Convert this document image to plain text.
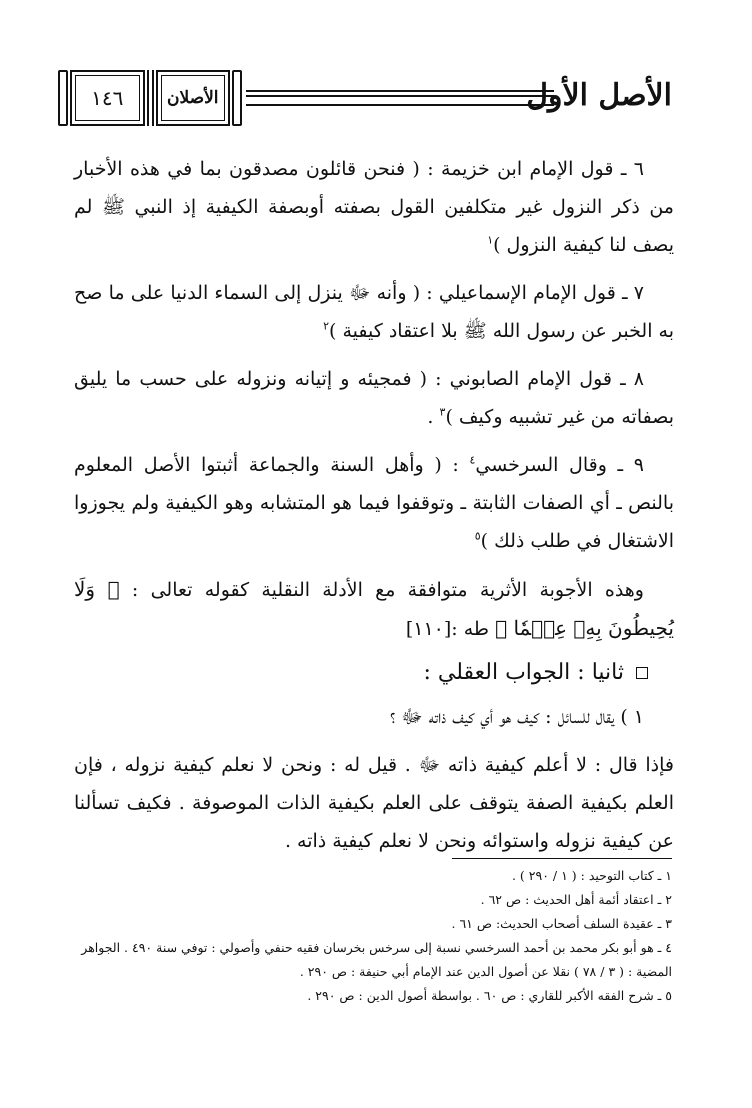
الأصل الأول
١٤٦	الأصلان

٦ ـ قول الإمام ابن خزيمة : ( فنحن قائلون مصدقون بما في هذه الأخبار من ذكر النزول غير متكلفين القول بصفته أوبصفة الكيفية إذ النبي ﷺ لم يصف لنا كيفية النزول )$^١$

٧ ـ قول الإمام الإسماعيلي : ( وأنه ﷻ ينزل إلى السماء الدنيا على ما صح به الخبر عن رسول الله ﷺ بلا اعتقاد كيفية )$^٢$

٨ ـ قول الإمام الصابوني : ( فمجيئه و إتيانه ونزوله على حسب ما يليق بصفاته من غير تشبيه وكيف )$^٣$ .

٩ ـ وقال السرخسي$^٤$ : ( وأهل السنة والجماعة أثبتوا الأصل المعلوم بالنص ـ أي الصفات الثابتة ـ وتوقفوا فيما هو المتشابه وهو الكيفية ولم يجوزوا الاشتغال في طلب ذلك )$^٥$

وهذه الأجوبة الأثرية متوافقة مع الأدلة النقلية كقوله تعالى : ﴿ وَلَا يُحِيطُونَ بِهِۦ عِلۡمٗا ﴾ طه :[١١٠]

ثانيا : الجواب العقلي :

١ ) يقال للسائل : كيف هو أي كيف ذاته ﷻ ؟

فإذا قال : لا أعلم كيفية ذاته ﷻ . قيل له : ونحن لا نعلم كيفية نزوله ، فإن العلم بكيفية الصفة يتوقف على العلم بكيفية الذات الموصوفة . فكيف تسألنا عن كيفية نزوله واستوائه ونحن لا نعلم كيفية ذاته .

١ ـ كتاب التوحيد : ( ١ / ٢٩٠ ) .

٢ ـ اعتقاد أئمة أهل الحديث : ص ٦٢ .

٣ ـ عقيدة السلف أصحاب الحديث: ص ٦١ .

٤ ـ هو أبو بكر محمد بن أحمد السرخسي نسبة إلى سرخس بخرسان فقيه حنفي وأصولي : توفي سنة ٤٩٠ . الجواهر المضية : ( ٣ / ٧٨ ) نقلا عن أصول الدين عند الإمام أبي حنيفة : ص ٢٩٠ .

٥ ـ شرح الفقه الأكبر للقاري : ص ٦٠ . بواسطة أصول الدين : ص ٢٩٠ .
